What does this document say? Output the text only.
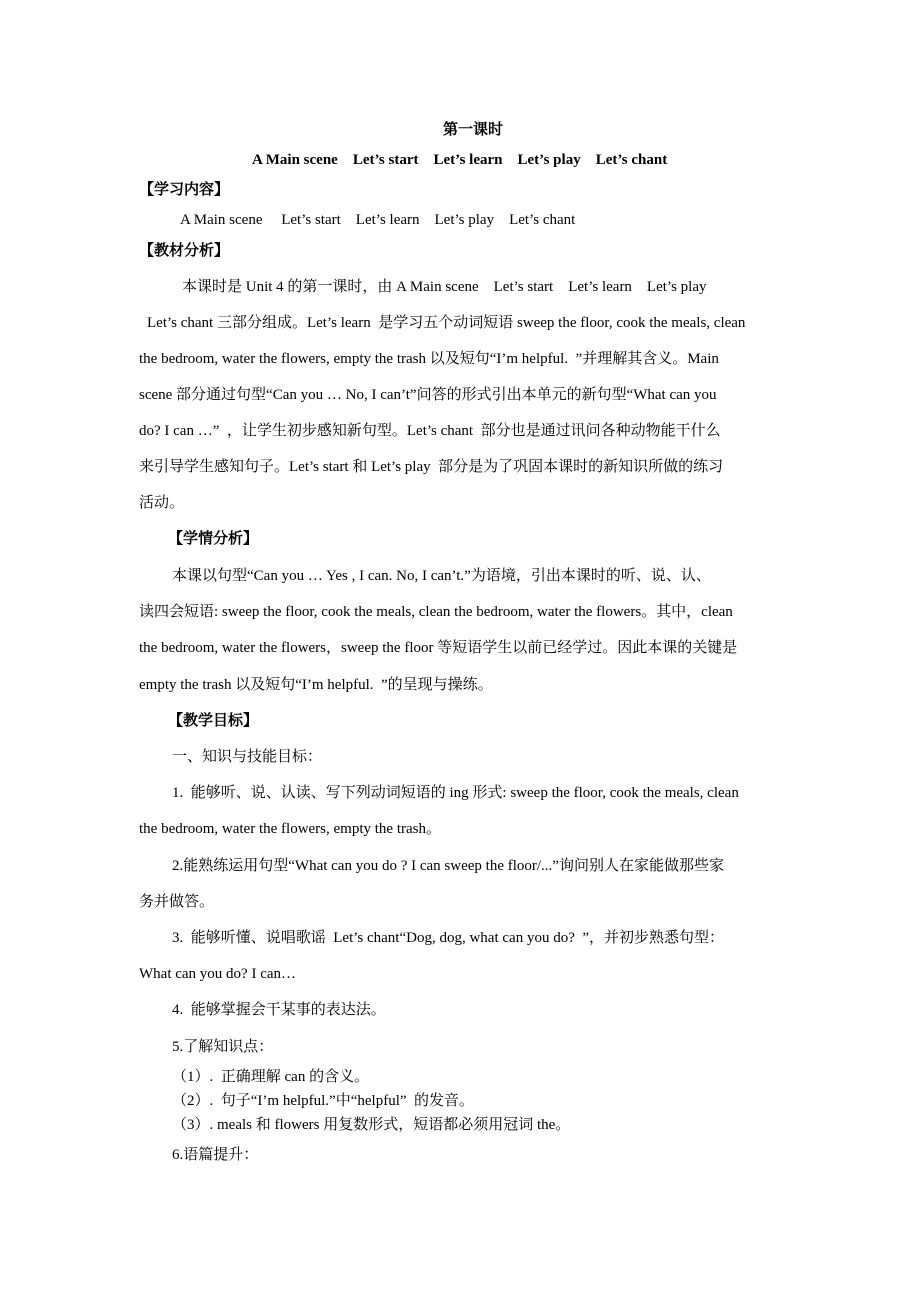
第一课时
A Main scene    Let’s start    Let’s learn    Let’s play    Let’s chant
【学习内容】
A Main scene     Let’s start    Let’s learn    Let’s play    Let’s chant
【教材分析】
本课时是 Unit 4 的第一课时，由 A Main scene    Let’s start    Let’s learn    Let’s play
Let’s chant 三部分组成。Let’s learn  是学习五个动词短语 sweep the floor, cook the meals, clean
the bedroom, water the flowers, empty the trash 以及短句“I’m helpful.  ”并理解其含义。Main
scene 部分通过句型“Can you … No, I can’t”问答的形式引出本单元的新句型“What can you
do? I can …”  ，让学生初步感知新句型。Let’s chant  部分也是通过讯问各种动物能干什么
来引导学生感知句子。Let’s start 和 Let’s play  部分是为了巩固本课时的新知识所做的练习
活动。
【学情分析】
本课以句型“Can you … Yes , I can. No, I can’t.”为语境，引出本课时的听、说、认、
读四会短语: sweep the floor, cook the meals, clean the bedroom, water the flowers。其中，clean
the bedroom, water the flowers，sweep the floor 等短语学生以前已经学过。因此本课的关键是
empty the trash 以及短句“I’m helpful.  ”的呈现与操练。
【教学目标】
一、知识与技能目标：
1.  能够听、说、认读、写下列动词短语的 ing 形式: sweep the floor, cook the meals, clean
the bedroom, water the flowers, empty the trash。
2.能熟练运用句型“What can you do ? I can sweep the floor/...”询问别人在家能做那些家
务并做答。
3.  能够听懂、说唱歌谣  Let’s chant“Dog, dog, what can you do?  ”，并初步熟悉句型：
What can you do? I can…
4.  能够掌握会干某事的表达法。
5.了解知识点：
（1）.  正确理解 can 的含义。
（2）.  句子“I’m helpful.”中“helpful”  的发音。
（3）. meals 和 flowers 用复数形式，短语都必须用冠词 the。
6.语篇提升：
